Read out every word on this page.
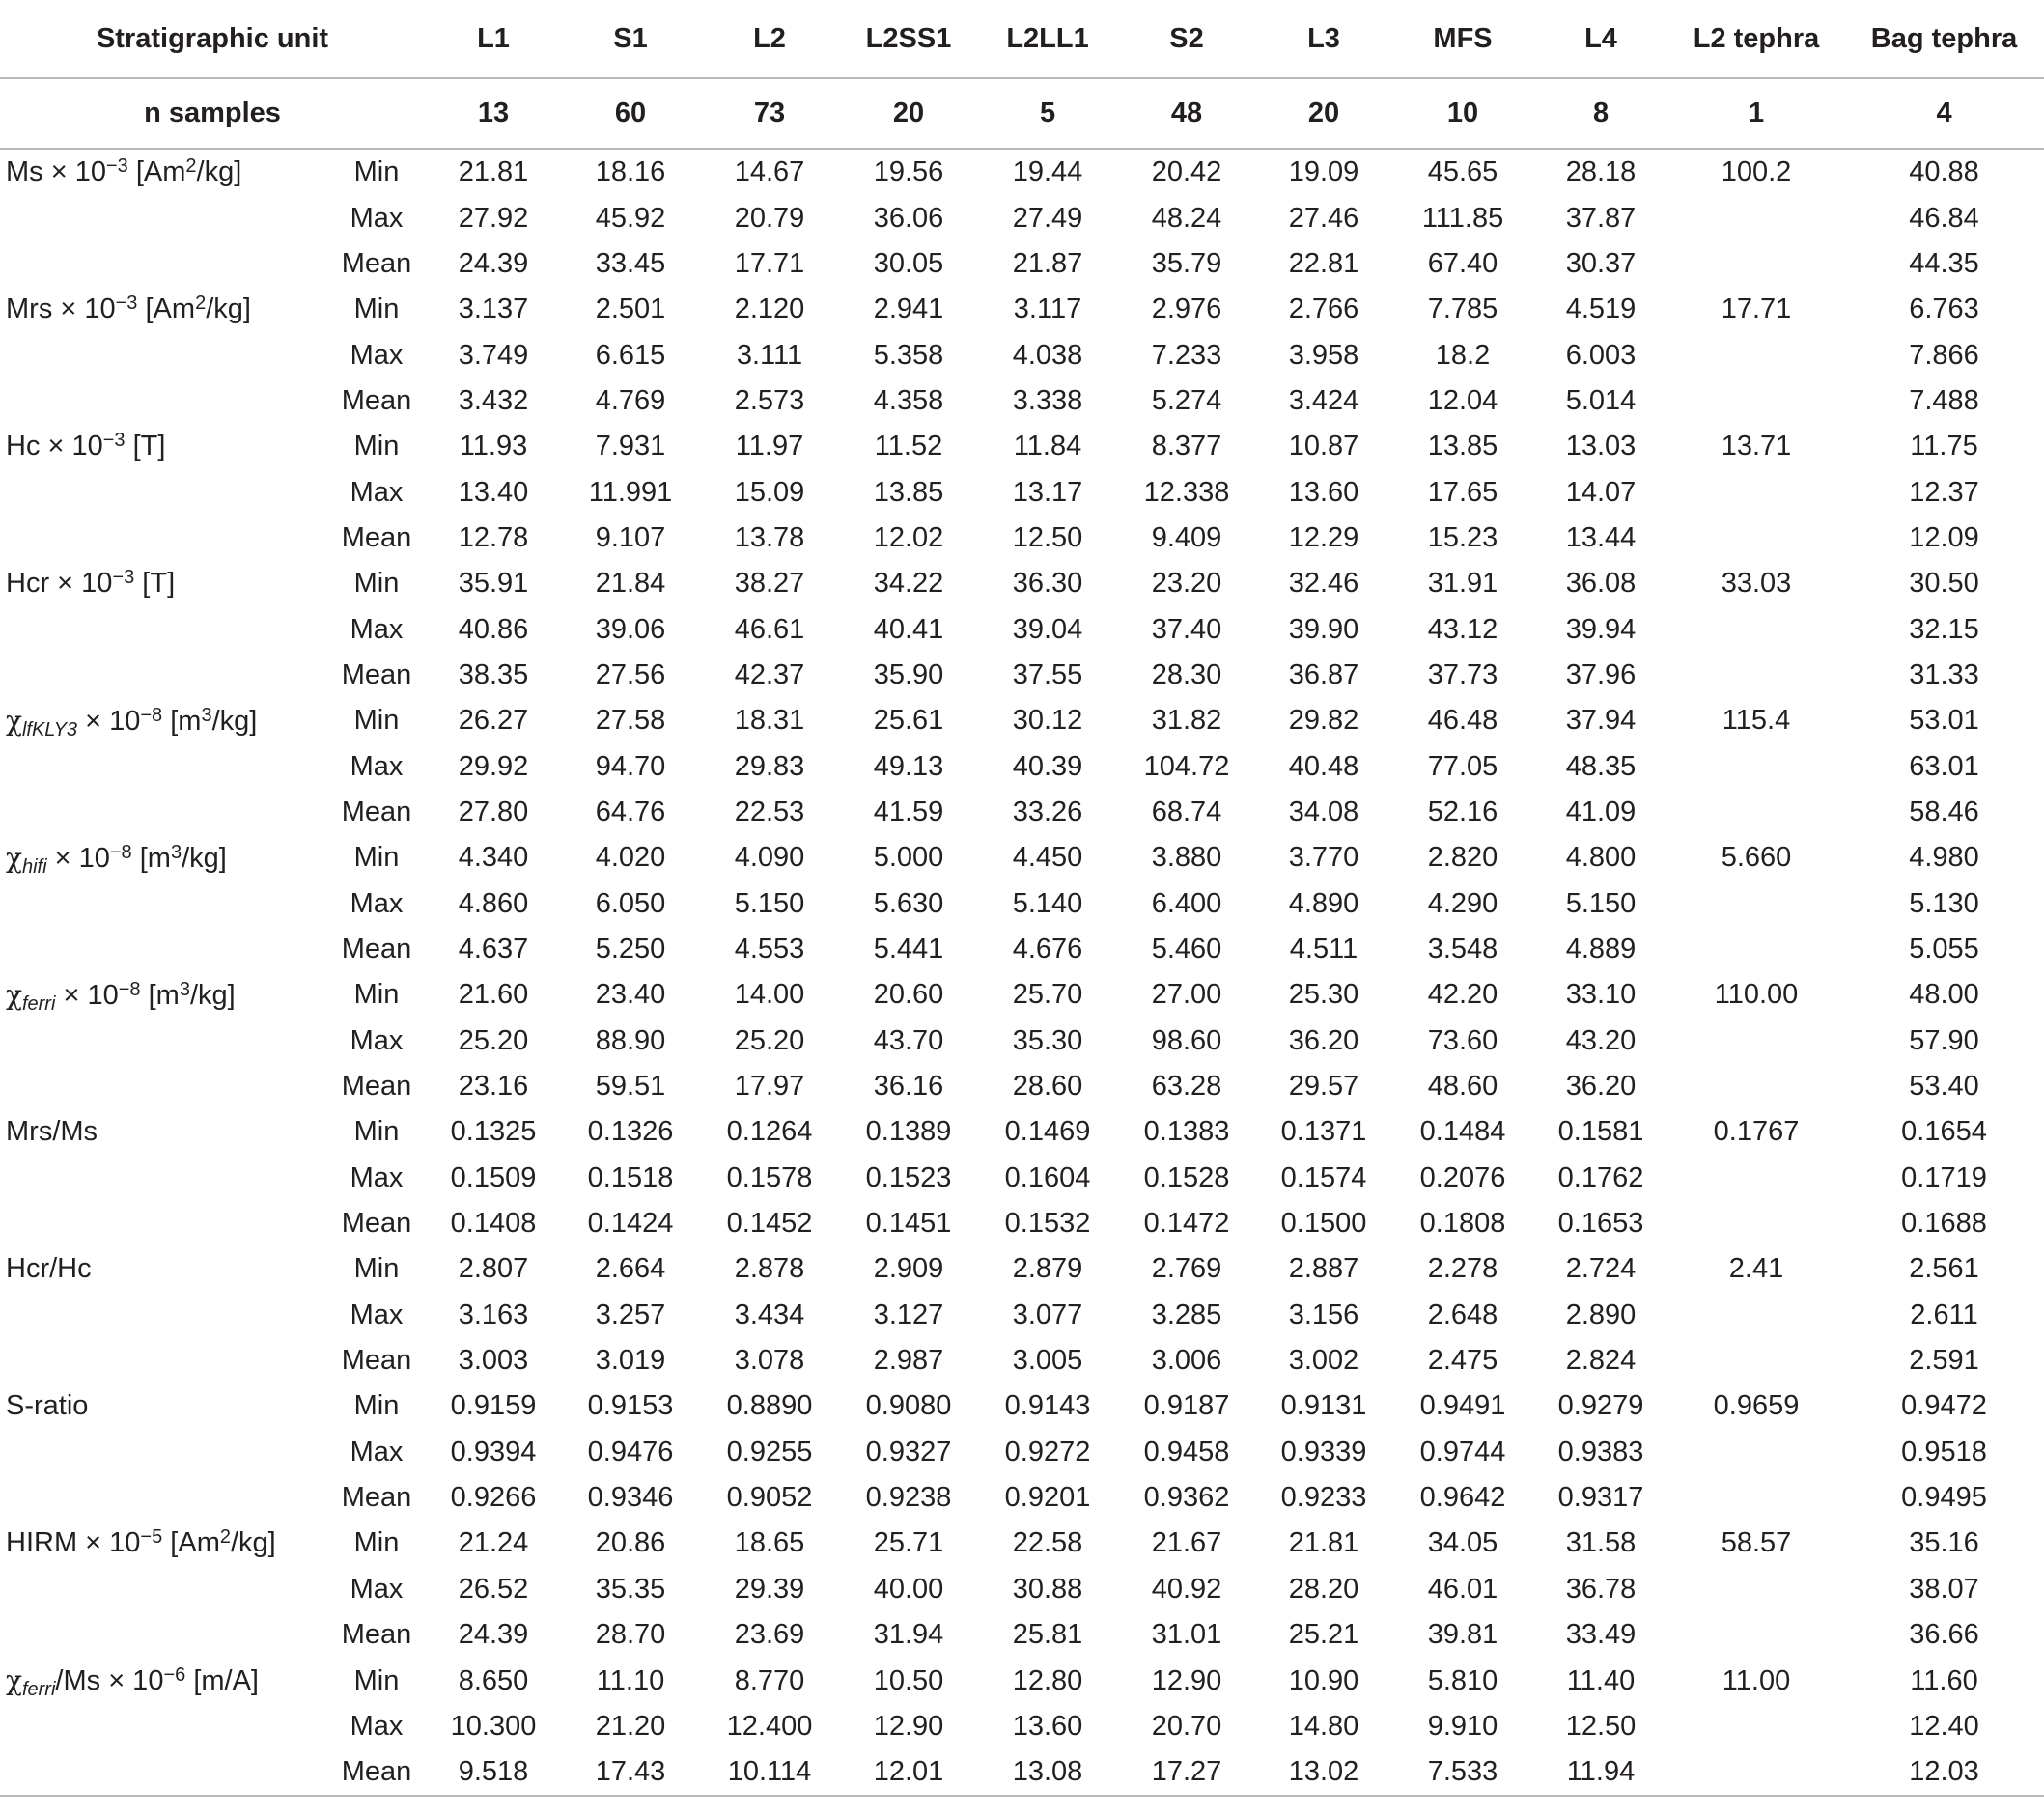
Stratigraphic unit		L1	S1	L2	L2SS1	L2LL1	S2	L3	MFS	L4	L2 tephra	Bag tephra
n samples		13	60	73	20	5	48	20	10	8	1	4
$Ms \times 10^{-3}$ [Am$^2$/kg]	Min	21.81	18.16	14.67	19.56	19.44	20.42	19.09	45.65	28.18	100.2	40.88
	Max	27.92	45.92	20.79	36.06	27.49	48.24	27.46	111.85	37.87		46.84
	Mean	24.39	33.45	17.71	30.05	21.87	35.79	22.81	67.40	30.37		44.35
Mrs × $10^{-3}$ [Am$^2$/kg]	Min	3.137	2.501	2.120	2.941	3.117	2.976	2.766	7.785	4.519	17.71	6.763
	Max	3.749	6.615	3.111	5.358	4.038	7.233	3.958	18.2	6.003		7.866
	Mean	3.432	4.769	2.573	4.358	3.338	5.274	3.424	12.04	5.014		7.488
$Hc \times 10^{-3}$ [T]	Min	11.93	7.931	11.97	11.52	11.84	8.377	10.87	13.85	13.03	13.71	11.75
	Max	13.40	11.991	15.09	13.85	13.17	12.338	13.60	17.65	14.07		12.37
	Mean	12.78	9.107	13.78	12.02	12.50	9.409	12.29	15.23	13.44		12.09
Hcr × $10^{-3}$ [T]	Min	35.91	21.84	38.27	34.22	36.30	23.20	32.46	31.91	36.08	33.03	30.50
	Max	40.86	39.06	46.61	40.41	39.04	37.40	39.90	43.12	39.94		32.15
	Mean	38.35	27.56	42.37	35.90	37.55	28.30	36.87	37.73	37.96		31.33
$\chi_{lfKLY3} \times 10^{-8}$ $[m^3/kg]$	Min	26.27	27.58	18.31	25.61	30.12	31.82	29.82	46.48	37.94	115.4	53.01
	Max	29.92	94.70	29.83	49.13	40.39	104.72	40.48	77.05	48.35		63.01
	Mean	27.80	64.76	22.53	41.59	33.26	68.74	34.08	52.16	41.09		58.46
$\chi_{hifi} \times 10^{-8}$ $[m^3/kg]$	Min	4.340	4.020	4.090	5.000	4.450	3.880	3.770	2.820	4.800	5.660	4.980
	Max	4.860	6.050	5.150	5.630	5.140	6.400	4.890	4.290	5.150		5.130
	Mean	4.637	5.250	4.553	5.441	4.676	5.460	4.511	3.548	4.889		5.055
$\chi_{ferri} \times 10^{-8}$ $[m^3/kg]$	Min	21.60	23.40	14.00	20.60	25.70	27.00	25.30	42.20	33.10	110.00	48.00
	Max	25.20	88.90	25.20	43.70	35.30	98.60	36.20	73.60	43.20		57.90
	Mean	23.16	59.51	17.97	36.16	28.60	63.28	29.57	48.60	36.20		53.40
Mrs/Ms	Min	0.1325	0.1326	0.1264	0.1389	0.1469	0.1383	0.1371	0.1484	0.1581	0.1767	0.1654
	Max	0.1509	0.1518	0.1578	0.1523	0.1604	0.1528	0.1574	0.2076	0.1762		0.1719
	Mean	0.1408	0.1424	0.1452	0.1451	0.1532	0.1472	0.1500	0.1808	0.1653		0.1688
Hcr/Hc	Min	2.807	2.664	2.878	2.909	2.879	2.769	2.887	2.278	2.724	2.41	2.561
	Max	3.163	3.257	3.434	3.127	3.077	3.285	3.156	2.648	2.890		2.611
	Mean	3.003	3.019	3.078	2.987	3.005	3.006	3.002	2.475	2.824		2.591
S-ratio	Min	0.9159	0.9153	0.8890	0.9080	0.9143	0.9187	0.9131	0.9491	0.9279	0.9659	0.9472
	Max	0.9394	0.9476	0.9255	0.9327	0.9272	0.9458	0.9339	0.9744	0.9383		0.9518
	Mean	0.9266	0.9346	0.9052	0.9238	0.9201	0.9362	0.9233	0.9642	0.9317		0.9495
HIRM × $10^{-5}$ [Am$^2$/kg]	Min	21.24	20.86	18.65	25.71	22.58	21.67	21.81	34.05	31.58	58.57	35.16
	Max	26.52	35.35	29.39	40.00	30.88	40.92	28.20	46.01	36.78		38.07
	Mean	24.39	28.70	23.69	31.94	25.81	31.01	25.21	39.81	33.49		36.66
$\chi_{ferri}/Ms \times 10^{-6}$ [m/A]	Min	8.650	11.10	8.770	10.50	12.80	12.90	10.90	5.810	11.40	11.00	11.60
	Max	10.300	21.20	12.400	12.90	13.60	20.70	14.80	9.910	12.50		12.40
	Mean	9.518	17.43	10.114	12.01	13.08	17.27	13.02	7.533	11.94		12.03
